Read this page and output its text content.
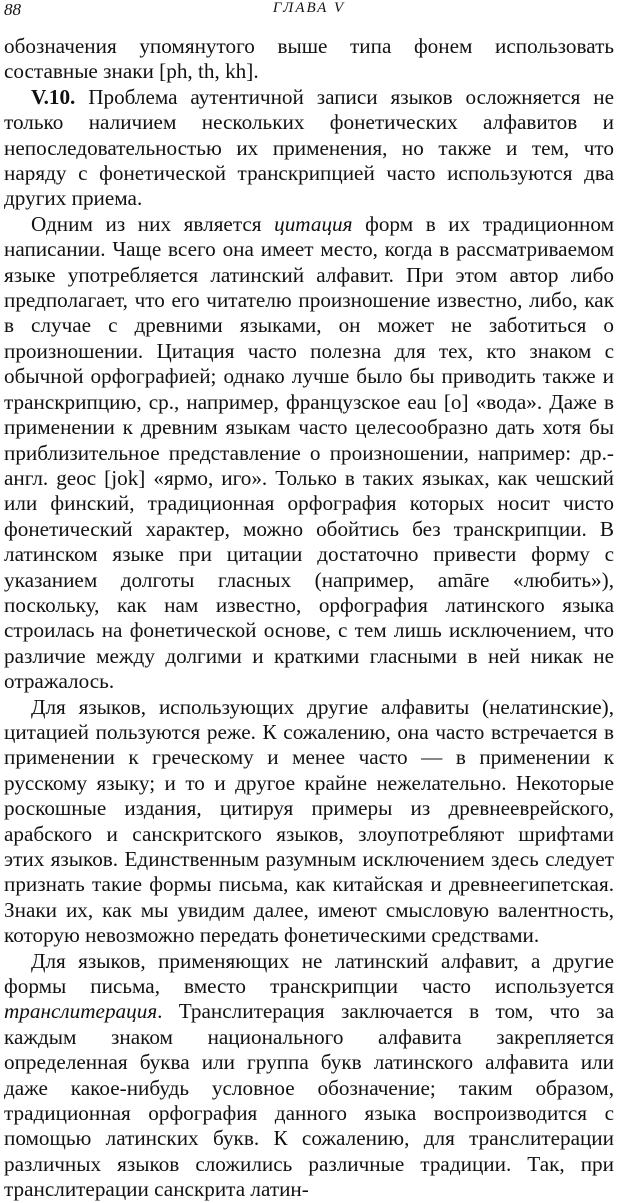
88	ГЛАВА V

обозначения упомянутого выше типа фонем использовать составные знаки [ph, th, kh].

V.10. Проблема аутентичной записи языков осложняется не только наличием нескольких фонетических алфавитов и непоследовательностью их применения, но также и тем, что наряду с фонетической транскрипцией часто используются два других приема.

Одним из них является цитация форм в их традиционном написании. Чаще всего она имеет место, когда в рассматриваемом языке употребляется латинский алфавит. При этом автор либо предполагает, что его читателю произношение известно, либо, как в случае с древними языками, он может не заботиться о произношении. Цитация часто полезна для тех, кто знаком с обычной орфографией; однако лучше было бы приводить также и транскрипцию, ср., например, французское eau [o] «вода». Даже в применении к древним языкам часто целесообразно дать хотя бы приблизительное представление о произношении, например: др.-англ. geoc [jok] «ярмо, иго». Только в таких языках, как чешский или финский, традиционная орфография которых носит чисто фонетический характер, можно обойтись без транскрипции. В латинском языке при цитации достаточно привести форму с указанием долготы гласных (например, amāre «любить»), поскольку, как нам известно, орфография латинского языка строилась на фонетической основе, с тем лишь исключением, что различие между долгими и краткими гласными в ней никак не отражалось.

Для языков, использующих другие алфавиты (нелатинские), цитацией пользуются реже. К сожалению, она часто встречается в применении к греческому и менее часто — в применении к русскому языку; и то и другое крайне нежелательно. Некоторые роскошные издания, цитируя примеры из древнееврейского, арабского и санскритского языков, злоупотребляют шрифтами этих языков. Единственным разумным исключением здесь следует признать такие формы письма, как китайская и древнеегипетская. Знаки их, как мы увидим далее, имеют смысловую валентность, которую невозможно передать фонетическими средствами.

Для языков, применяющих не латинский алфавит, а другие формы письма, вместо транскрипции часто используется транслитерация. Транслитерация заключается в том, что за каждым знаком национального алфавита закрепляется определенная буква или группа букв латинского алфавита или даже какое-нибудь условное обозначение; таким образом, традиционная орфография данного языка воспроизводится с помощью латинских букв. К сожалению, для транслитерации различных языков сложились различные традиции. Так, при транслитерации санскрита латин-
